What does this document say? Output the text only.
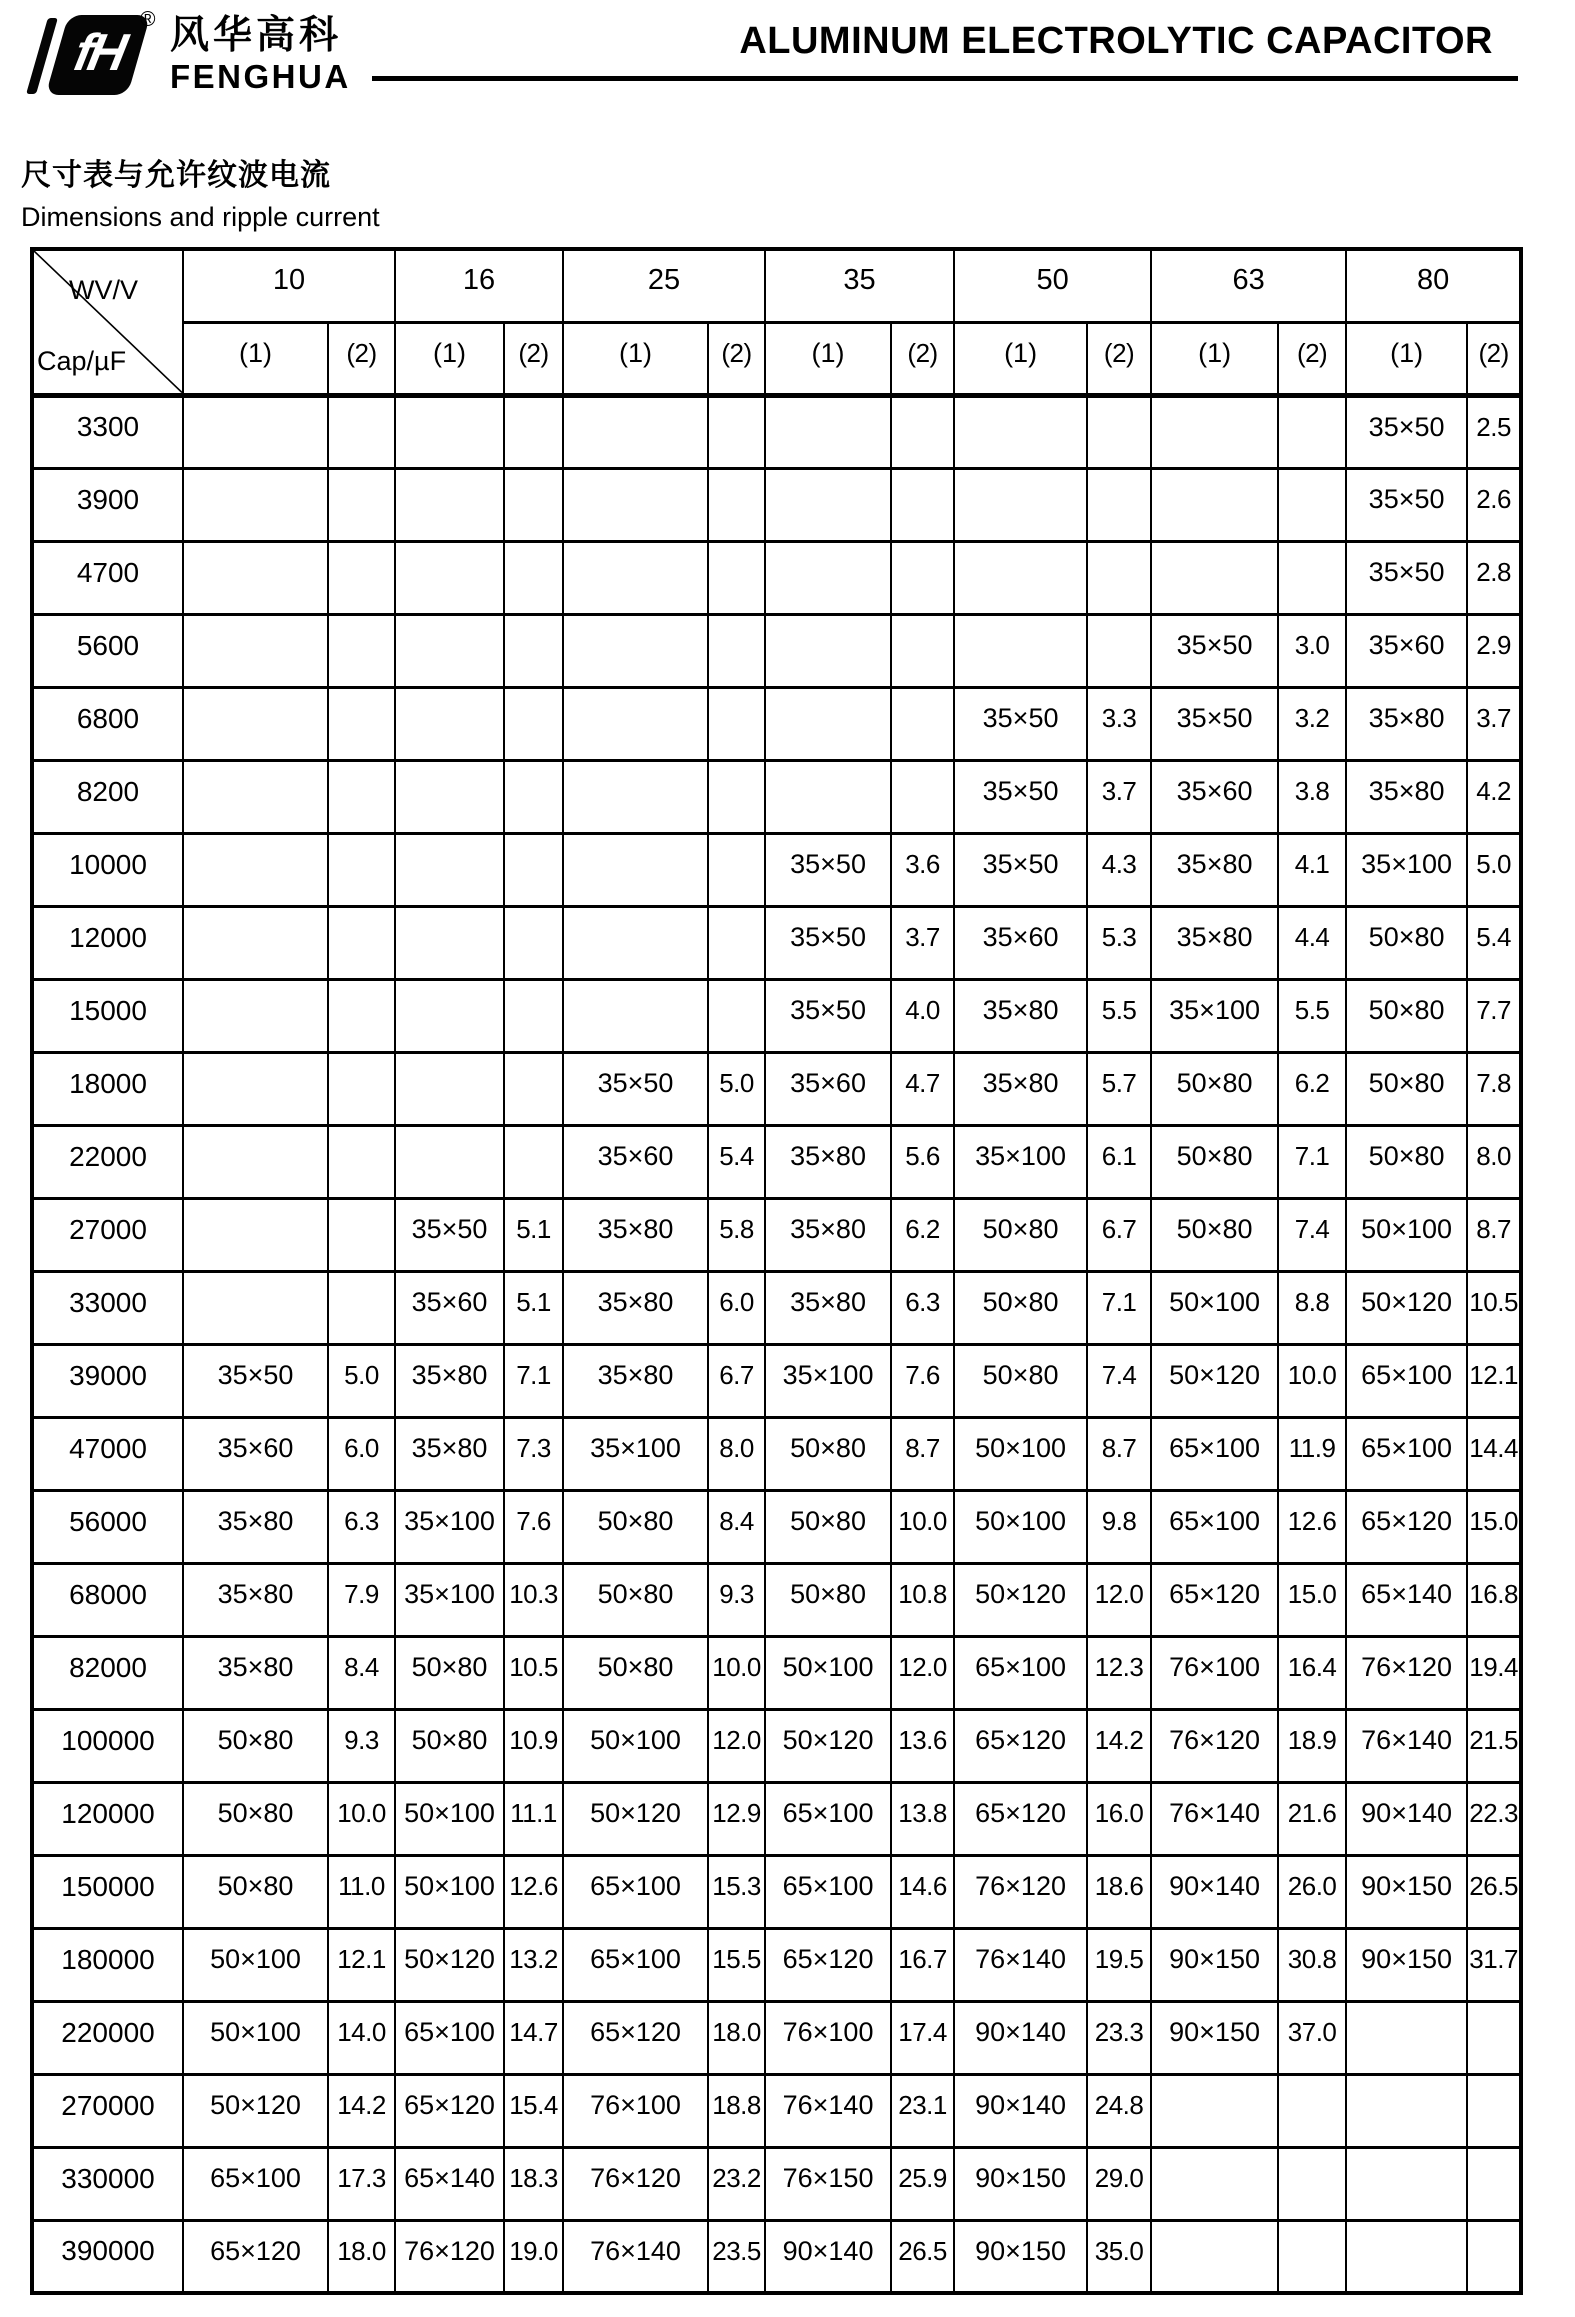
fH
® 风华高科
FENGHUA
ALUMINUM ELECTROLYTIC CAPACITOR
尺寸表与允许纹波电流
Dimensions and ripple current
WV/V
Cap/µF	10		16		25		35		50		63		80	
	(1)	(2)	(1)	(2)	(1)	(2)	(1)	(2)	(1)	(2)	(1)	(2)	(1)	(2)
3300													35×50	2.5
3900													35×50	2.6
4700													35×50	2.8
5600											35×50	3.0	35×60	2.9
6800									35×50	3.3	35×50	3.2	35×80	3.7
8200									35×50	3.7	35×60	3.8	35×80	4.2
10000							35×50	3.6	35×50	4.3	35×80	4.1	35×100	5.0
12000							35×50	3.7	35×60	5.3	35×80	4.4	50×80	5.4
15000							35×50	4.0	35×80	5.5	35×100	5.5	50×80	7.7
18000					35×50	5.0	35×60	4.7	35×80	5.7	50×80	6.2	50×80	7.8
22000					35×60	5.4	35×80	5.6	35×100	6.1	50×80	7.1	50×80	8.0
27000			35×50	5.1	35×80	5.8	35×80	6.2	50×80	6.7	50×80	7.4	50×100	8.7
33000			35×60	5.1	35×80	6.0	35×80	6.3	50×80	7.1	50×100	8.8	50×120	10.5
39000	35×50	5.0	35×80	7.1	35×80	6.7	35×100	7.6	50×80	7.4	50×120	10.0	65×100	12.1
47000	35×60	6.0	35×80	7.3	35×100	8.0	50×80	8.7	50×100	8.7	65×100	11.9	65×100	14.4
56000	35×80	6.3	35×100	7.6	50×80	8.4	50×80	10.0	50×100	9.8	65×100	12.6	65×120	15.0
68000	35×80	7.9	35×100	10.3	50×80	9.3	50×80	10.8	50×120	12.0	65×120	15.0	65×140	16.8
82000	35×80	8.4	50×80	10.5	50×80	10.0	50×100	12.0	65×100	12.3	76×100	16.4	76×120	19.4
100000	50×80	9.3	50×80	10.9	50×100	12.0	50×120	13.6	65×120	14.2	76×120	18.9	76×140	21.5
120000	50×80	10.0	50×100	11.1	50×120	12.9	65×100	13.8	65×120	16.0	76×140	21.6	90×140	22.3
150000	50×80	11.0	50×100	12.6	65×100	15.3	65×100	14.6	76×120	18.6	90×140	26.0	90×150	26.5
180000	50×100	12.1	50×120	13.2	65×100	15.5	65×120	16.7	76×140	19.5	90×150	30.8	90×150	31.7
220000	50×100	14.0	65×100	14.7	65×120	18.0	76×100	17.4	90×140	23.3	90×150	37.0		
270000	50×120	14.2	65×120	15.4	76×100	18.8	76×140	23.1	90×140	24.8				
330000	65×100	17.3	65×140	18.3	76×120	23.2	76×150	25.9	90×150	29.0				
390000	65×120	18.0	76×120	19.0	76×140	23.5	90×140	26.5	90×150	35.0				
